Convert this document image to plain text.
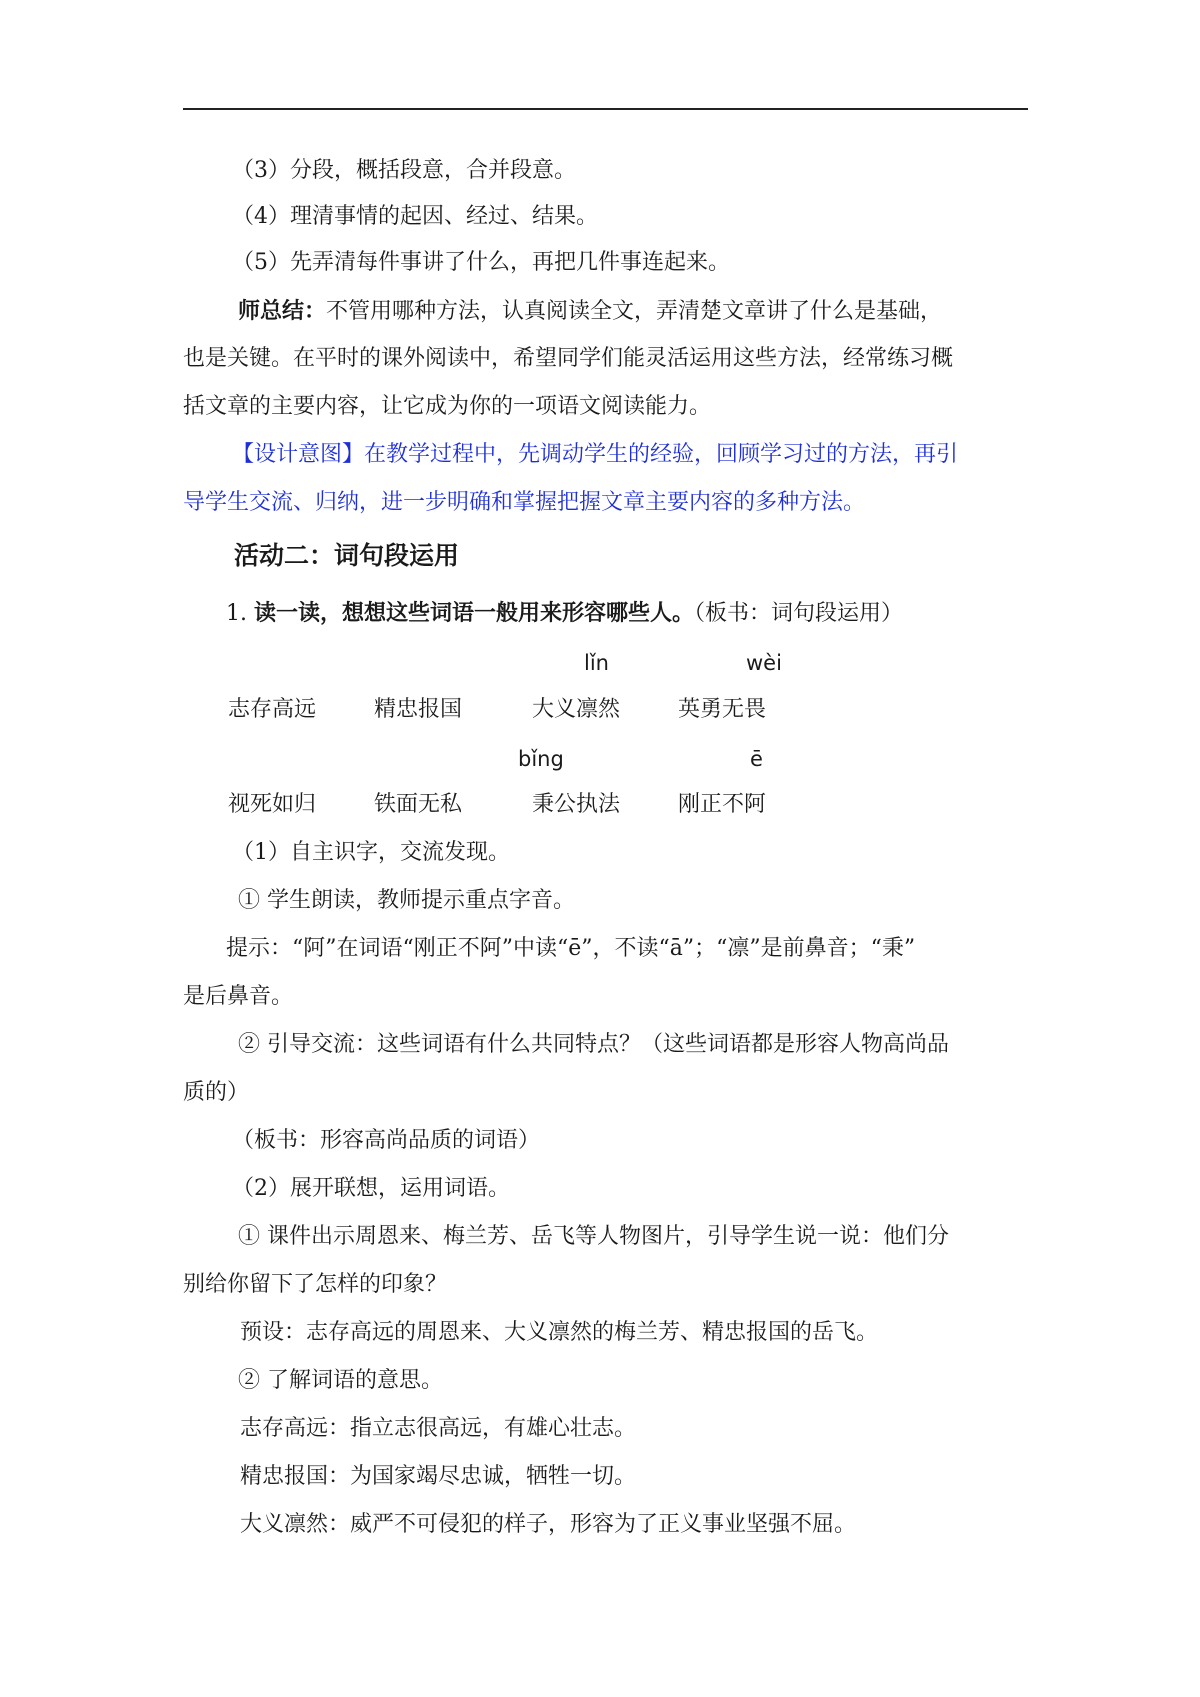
（3）分段，概括段意，合并段意。
（4）理清事情的起因、经过、结果。
（5）先弄清每件事讲了什么，再把几件事连起来。
师总结：不管用哪种方法，认真阅读全文，弄清楚文章讲了什么是基础，
也是关键。在平时的课外阅读中，希望同学们能灵活运用这些方法，经常练习概
括文章的主要内容，让它成为你的一项语文阅读能力。
【设计意图】在教学过程中，先调动学生的经验，回顾学习过的方法，再引
导学生交流、归纳，进一步明确和掌握把握文章主要内容的多种方法。
活动二：词句段运用
1. 读一读，想想这些词语一般用来形容哪些人。（板书：词句段运用）
lǐn	wèi
志存高远	精忠报国	大义凛然	英勇无畏
bǐng	ē
视死如归	铁面无私	秉公执法	刚正不阿
（1）自主识字，交流发现。
① 学生朗读，教师提示重点字音。
提示：“阿”在词语“刚正不阿”中读“ē”，不读“ā”；“凛”是前鼻音；“秉”
是后鼻音。
② 引导交流：这些词语有什么共同特点？（这些词语都是形容人物高尚品
质的）
（板书：形容高尚品质的词语）
（2）展开联想，运用词语。
① 课件出示周恩来、梅兰芳、岳飞等人物图片，引导学生说一说：他们分
别给你留下了怎样的印象？
预设：志存高远的周恩来、大义凛然的梅兰芳、精忠报国的岳飞。
② 了解词语的意思。
志存高远：指立志很高远，有雄心壮志。
精忠报国：为国家竭尽忠诚，牺牲一切。
大义凛然：威严不可侵犯的样子，形容为了正义事业坚强不屈。
